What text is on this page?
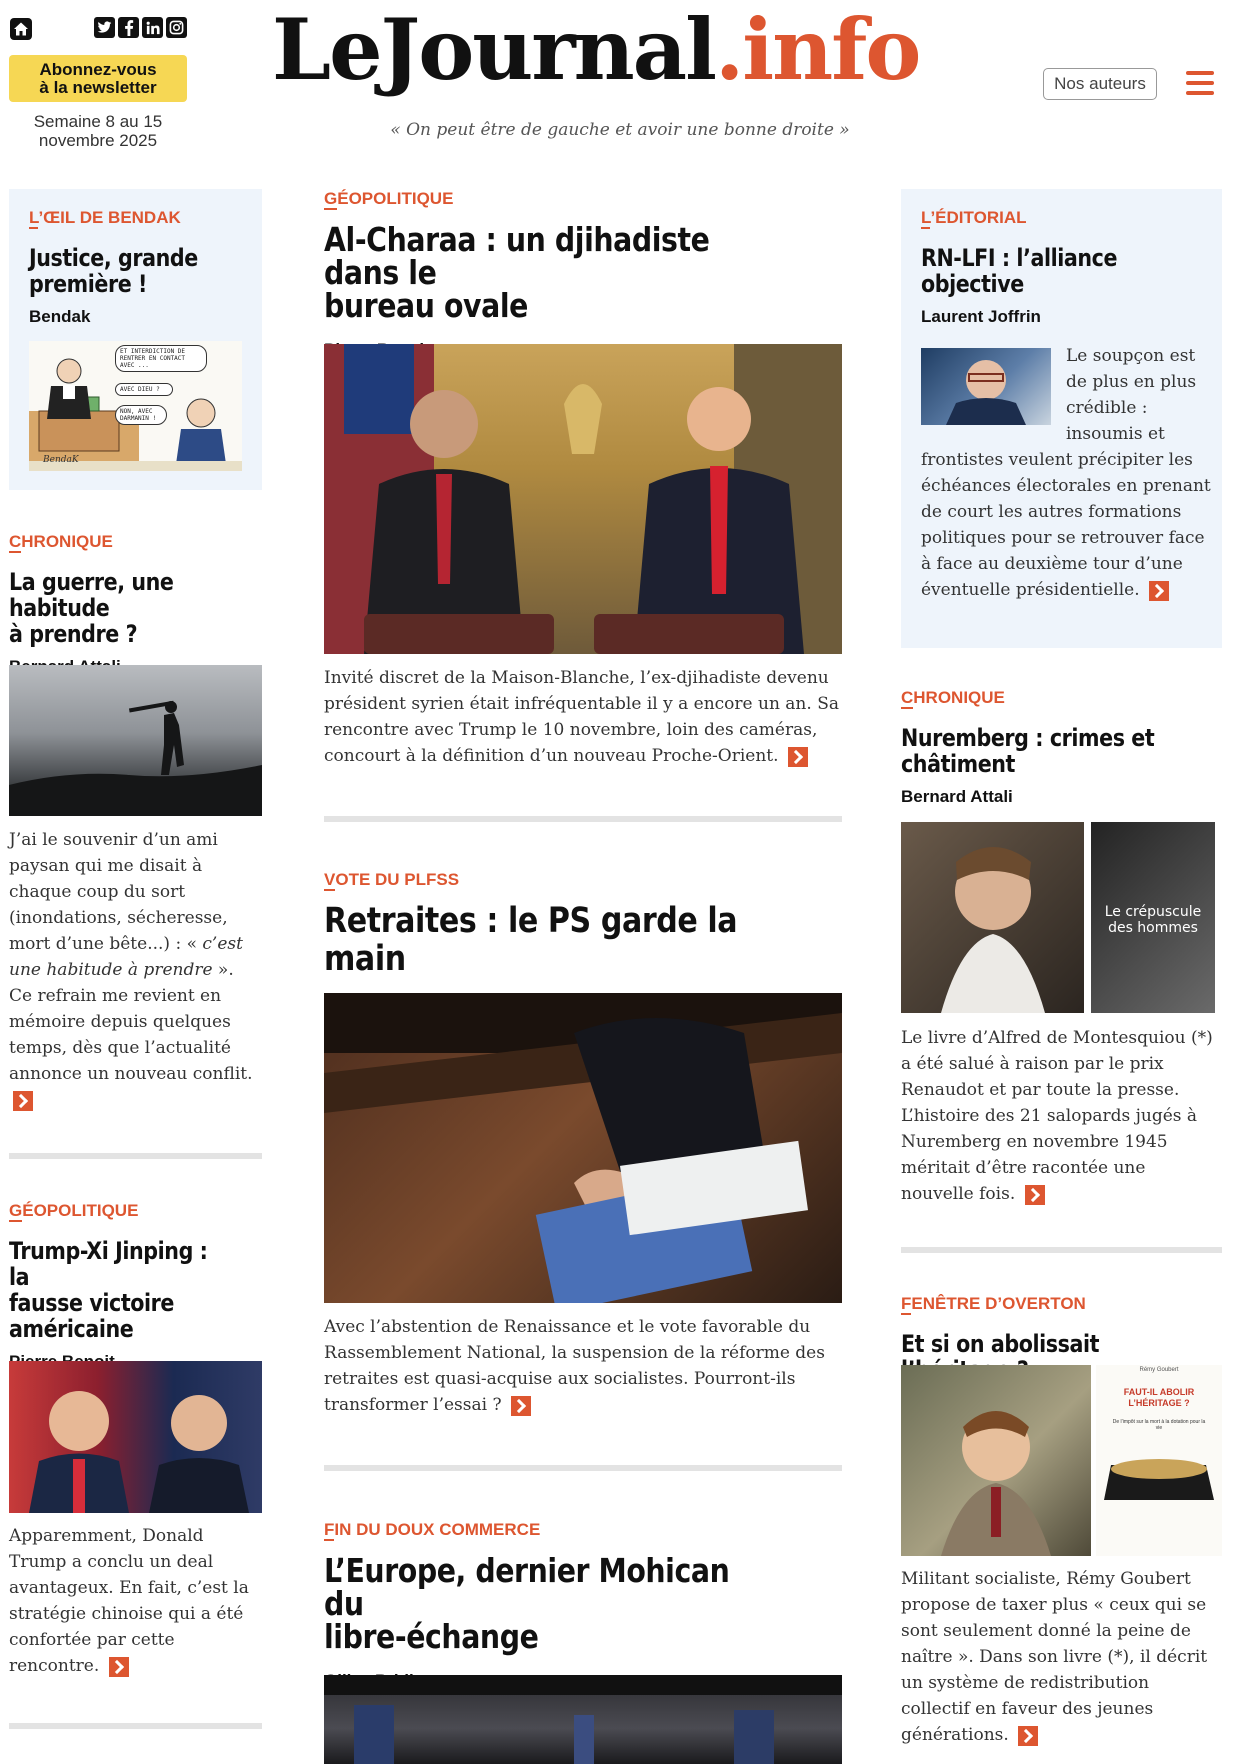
Abonnez-vous
à la newsletter
Semaine 8 au 15
novembre 2025
LeJournal.info
« On peut être de gauche et avoir une bonne droite »
Nos auteurs
L’ŒIL DE BENDAK
Justice, grande
première !
Bendak
ET INTERDICTION DE RENTRER EN CONTACT AVEC ...
AVEC DIEU ?
NON, AVEC DARMANIN !
BendaK
CHRONIQUE
La guerre, une habitude
à prendre ?
J’ai le souvenir d’un ami paysan qui me disait à chaque coup du sort (inondations, sécheresse, mort d’une bête...) : « c’est une habitude à prendre ». Ce refrain me revient en mémoire depuis quelques temps, dès que l’actualité annonce un nouveau conflit.
GÉOPOLITIQUE
Trump-Xi Jinping : la
fausse victoire
américaine
Apparemment, Donald Trump a conclu un deal avantageux. En fait, c’est la stratégie chinoise qui a été confortée par cette rencontre.
GÉOPOLITIQUE
Al-Charaa : un djihadiste dans le
bureau ovale
Invité discret de la Maison-Blanche, l’ex-djihadiste devenu président syrien était infréquentable il y a encore un an. Sa rencontre avec Trump le 10 novembre, loin des caméras, concourt à la définition d’un nouveau Proche-Orient.
VOTE DU PLFSS
Retraites : le PS garde la main
Avec l’abstention de Renaissance et le vote favorable du Rassemblement National, la suspension de la réforme des retraites est quasi-acquise aux socialistes. Pourront-ils transformer l’essai ?
FIN DU DOUX COMMERCE
L’Europe, dernier Mohican du
libre-échange
L’ÉDITORIAL
RN-LFI : l’alliance
objective
Laurent Joffrin
Le soupçon est de plus en plus crédible : insoumis et
frontistes veulent précipiter les échéances électorales en prenant de court les autres formations politiques pour se retrouver face à face au deuxième tour d’une éventuelle présidentielle.
CHRONIQUE
Nuremberg : crimes et
châtiment
Bernard Attali
Le crépuscule des hommes
Le livre d’Alfred de Montesquiou (*) a été salué à raison par le prix Renaudot et par toute la presse. L’histoire des 21 salopards jugés à Nuremberg en novembre 1945 méritait d’être racontée une nouvelle fois.
FENÊTRE D’OVERTON
Et si on abolissait
Rémy Goubert
FAUT-IL ABOLIR L’HÉRITAGE ?
De l’impôt sur la mort à la dotation pour la vie
Militant socialiste, Rémy Goubert propose de taxer plus « ceux qui se sont seulement donné la peine de naître ». Dans son livre (*), il décrit un système de redistribution collectif en faveur des jeunes générations.
